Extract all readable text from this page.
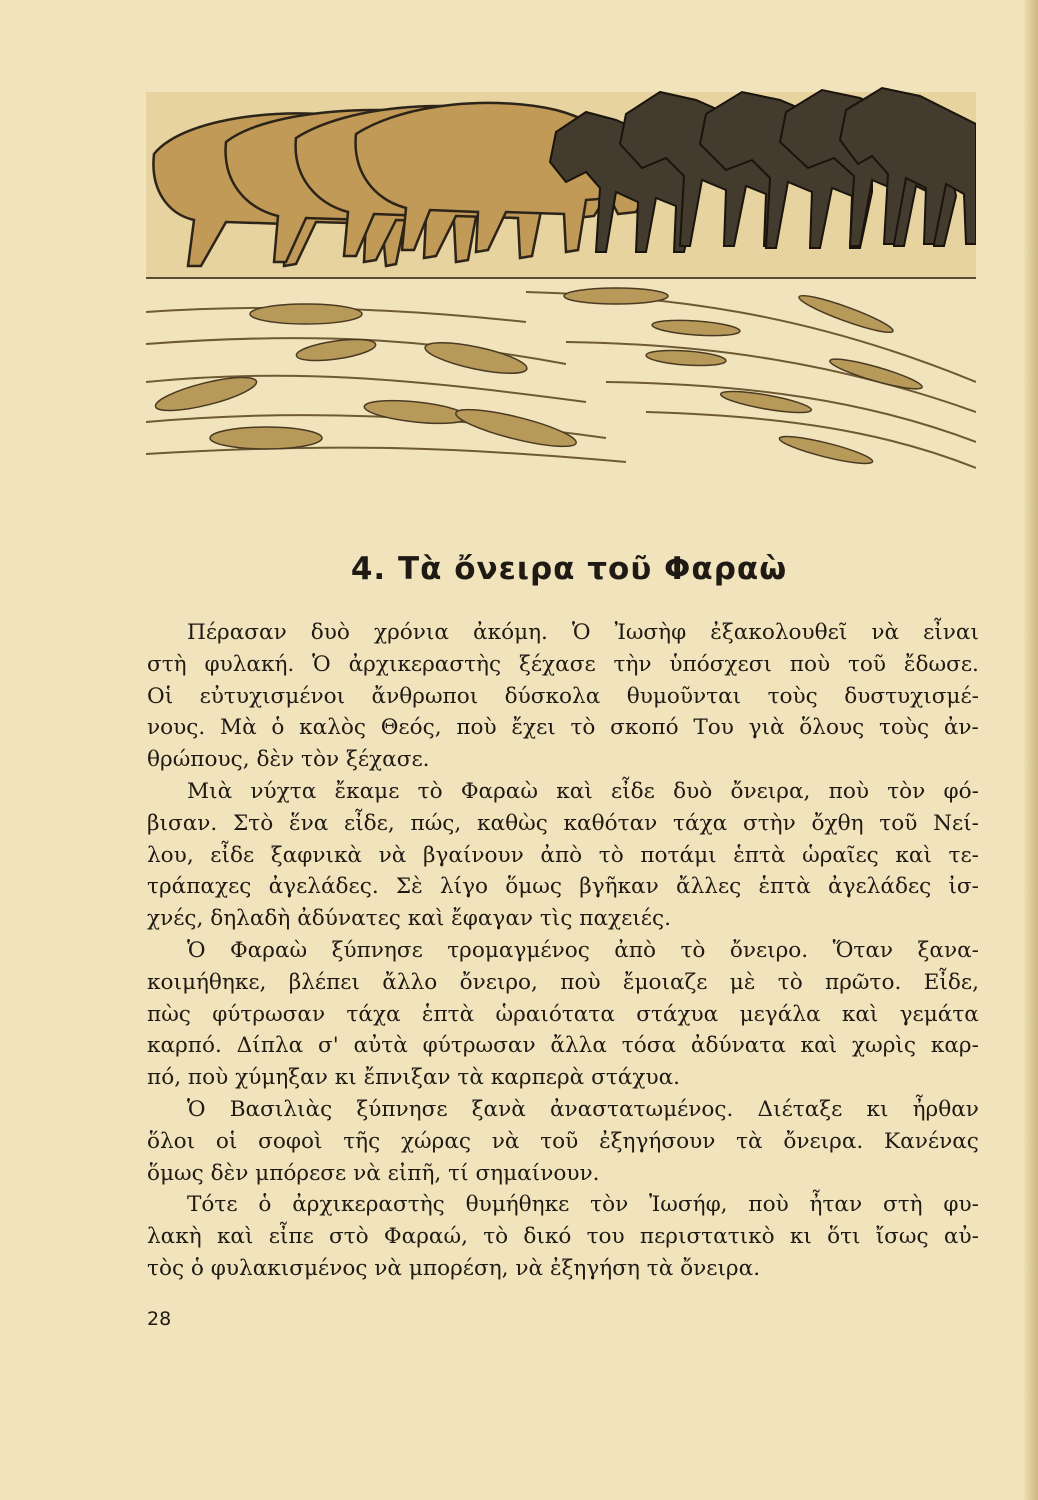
4. Τὰ ὄνειρα τοῦ Φαραὼ
Πέρασαν δυὸ χρόνια ἀκόμη. Ὁ Ἰωσὴφ ἐξακολουθεῖ νὰ εἶναι
στὴ φυλακή. Ὁ ἀρχικεραστὴς ξέχασε τὴν ὑπόσχεσι ποὺ τοῦ ἔδωσε.
Οἱ εὐτυχισμένοι ἄνθρωποι δύσκολα θυμοῦνται τοὺς δυστυχισμέ-
νους. Μὰ ὁ καλὸς Θεός, ποὺ ἔχει τὸ σκοπό Του γιὰ ὅλους τοὺς ἀν-
θρώπους, δὲν τὸν ξέχασε.
Μιὰ νύχτα ἔκαμε τὸ Φαραὼ καὶ εἶδε δυὸ ὄνειρα, ποὺ τὸν φό-
βισαν. Στὸ ἕνα εἶδε, πώς, καθὼς καθόταν τάχα στὴν ὄχθη τοῦ Νεί-
λου, εἶδε ξαφνικὰ νὰ βγαίνουν ἀπὸ τὸ ποτάμι ἑπτὰ ὡραῖες καὶ τε-
τράπαχες ἀγελάδες. Σὲ λίγο ὅμως βγῆκαν ἄλλες ἑπτὰ ἀγελάδες ἰσ-
χνές, δηλαδὴ ἀδύνατες καὶ ἔφαγαν τὶς παχειές.
Ὁ Φαραὼ ξύπνησε τρομαγμένος ἀπὸ τὸ ὄνειρο. Ὅταν ξανα-
κοιμήθηκε, βλέπει ἄλλο ὄνειρο, ποὺ ἔμοιαζε μὲ τὸ πρῶτο. Εἶδε,
πὼς φύτρωσαν τάχα ἑπτὰ ὡραιότατα στάχυα μεγάλα καὶ γεμάτα
καρπό. Δίπλα σ' αὐτὰ φύτρωσαν ἄλλα τόσα ἀδύνατα καὶ χωρὶς καρ-
πό, ποὺ χύμηξαν κι ἔπνιξαν τὰ καρπερὰ στάχυα.
Ὁ Βασιλιὰς ξύπνησε ξανὰ ἀναστατωμένος. Διέταξε κι ἦρθαν
ὅλοι οἱ σοφοὶ τῆς χώρας νὰ τοῦ ἐξηγήσουν τὰ ὄνειρα. Κανένας
ὅμως δὲν μπόρεσε νὰ εἰπῆ, τί σημαίνουν.
Τότε ὁ ἀρχικεραστὴς θυμήθηκε τὸν Ἰωσήφ, ποὺ ἦταν στὴ φυ-
λακὴ καὶ εἶπε στὸ Φαραώ, τὸ δικό του περιστατικὸ κι ὅτι ἴσως αὐ-
τὸς ὁ φυλακισμένος νὰ μπορέση, νὰ ἐξηγήση τὰ ὄνειρα.
28
